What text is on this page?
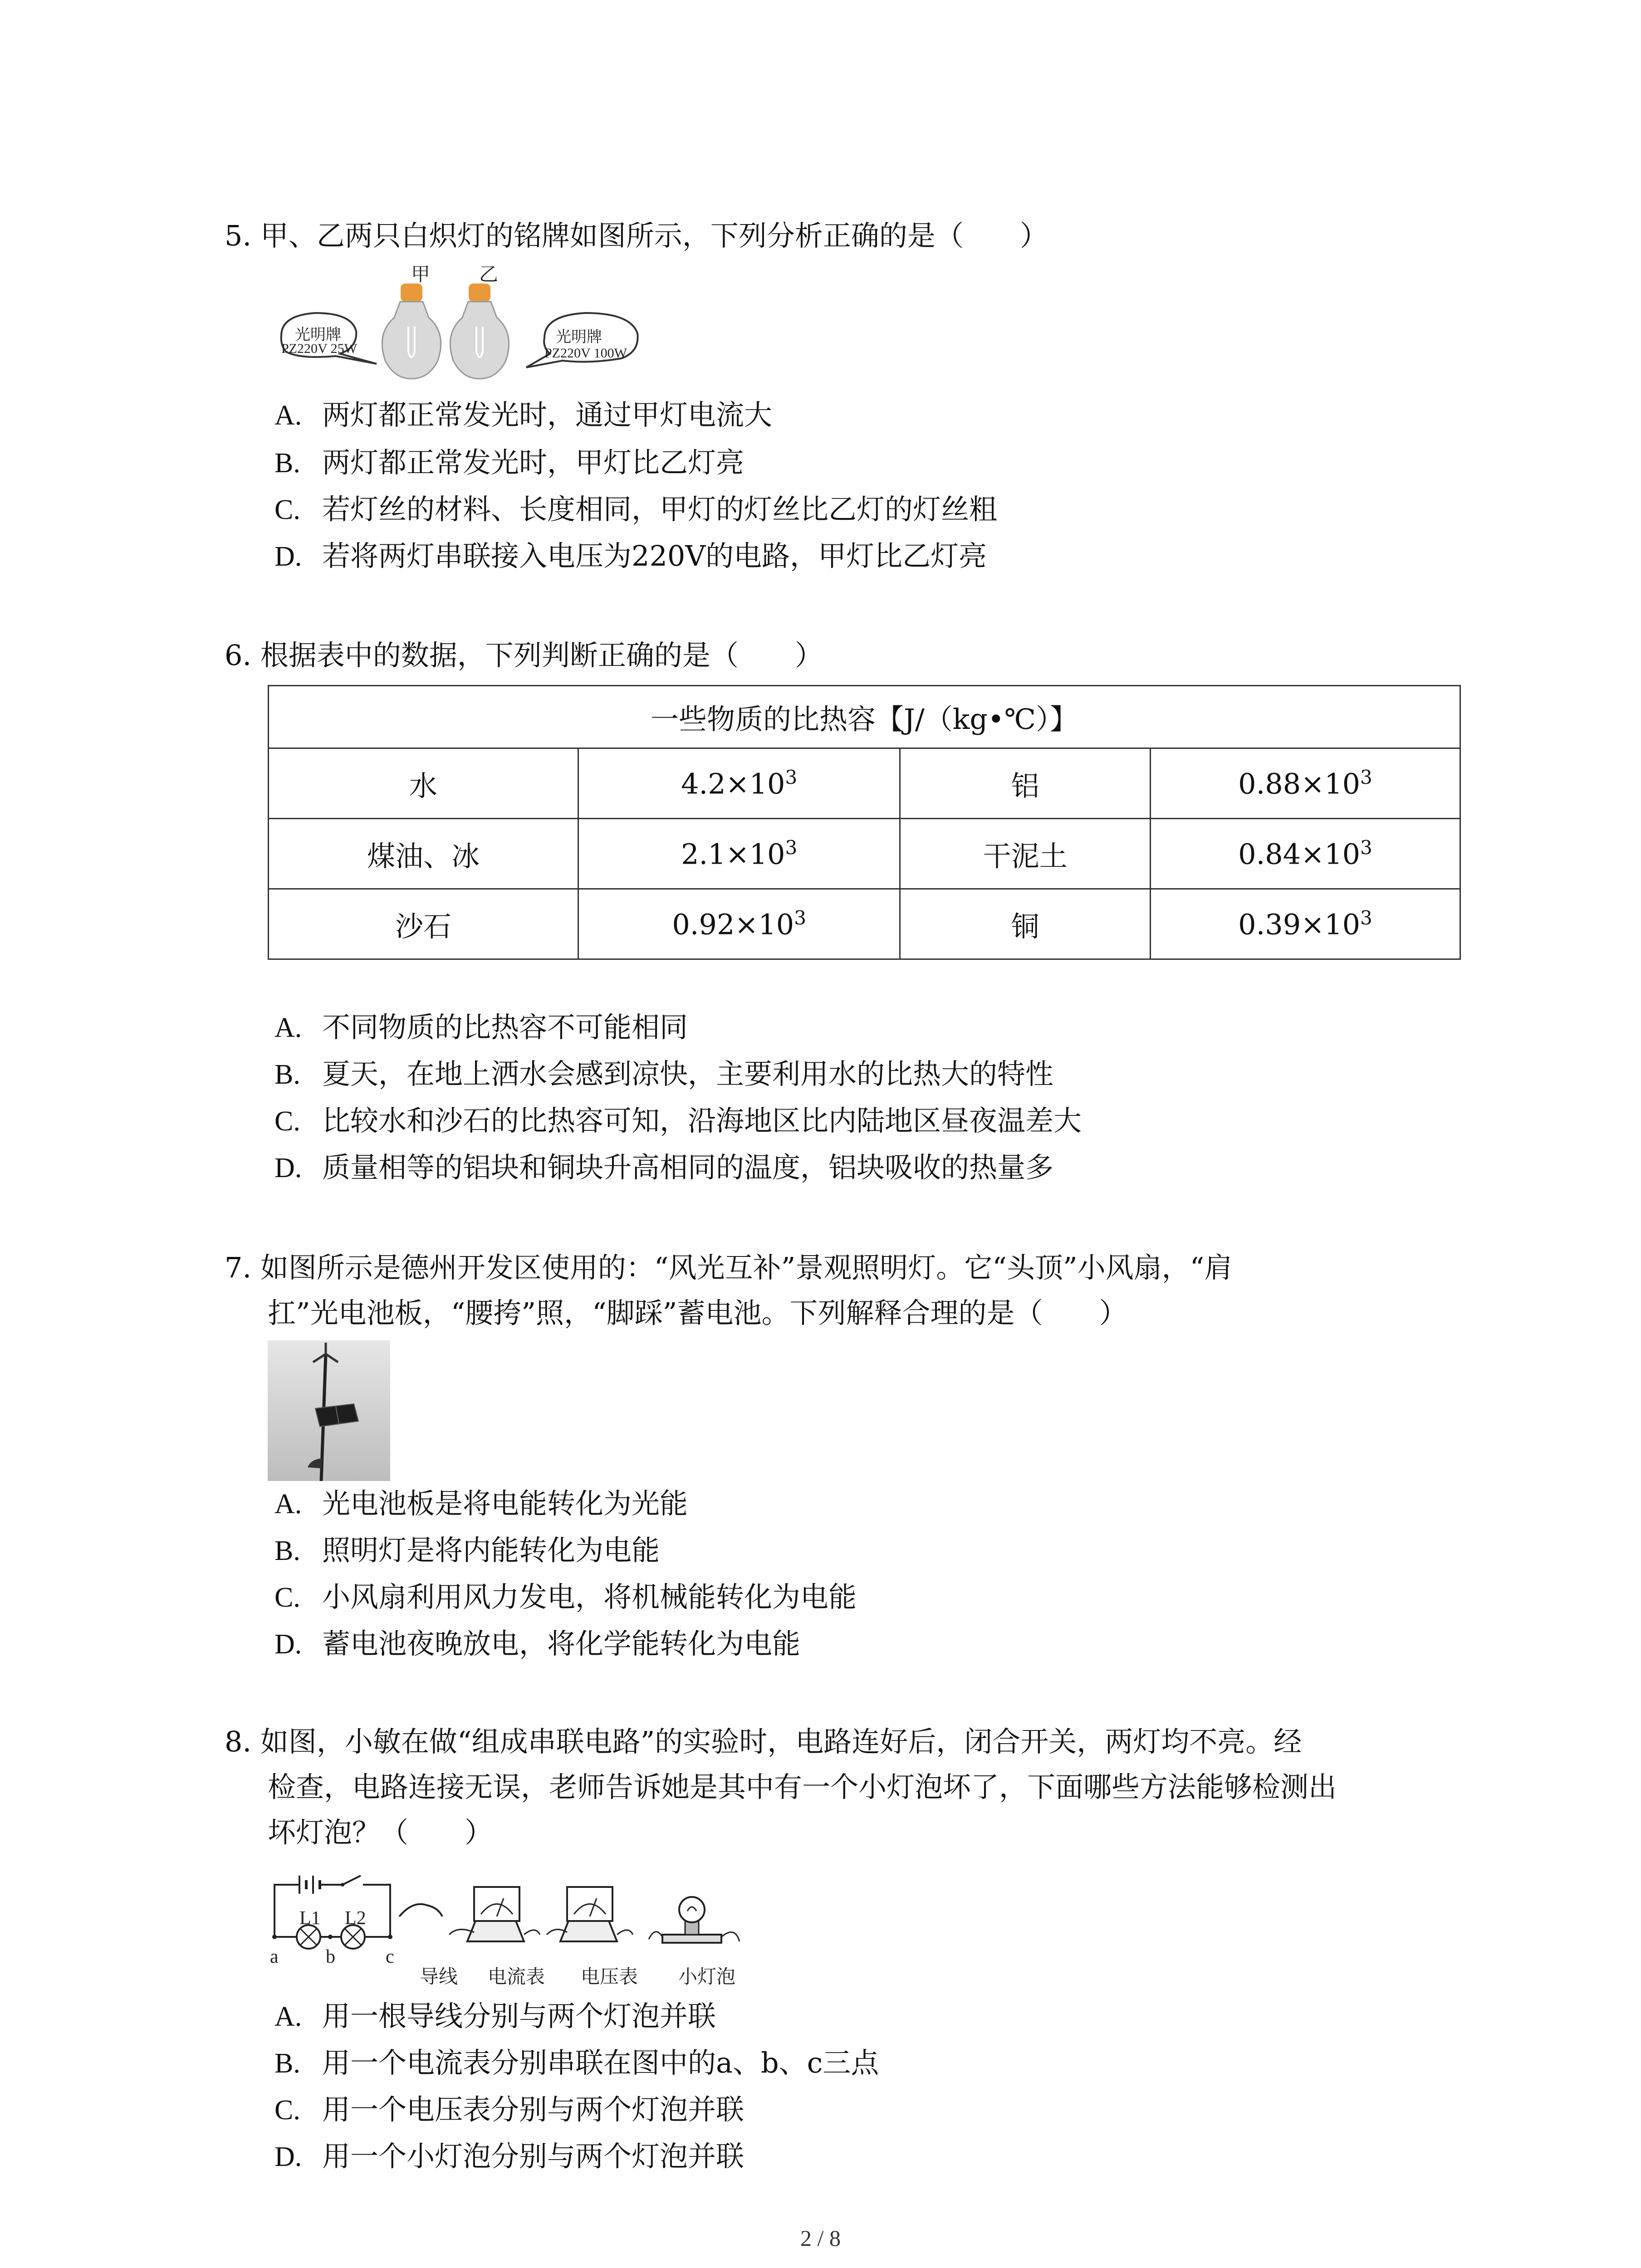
5. 甲、乙两只白炽灯的铭牌如图所示，下列分析正确的是（　　）
甲	乙
光明牌
PZ220V 25W
光明牌
PZ220V 100W
A. 两灯都正常发光时，通过甲灯电流大
B. 两灯都正常发光时，甲灯比乙灯亮
C. 若灯丝的材料、长度相同，甲灯的灯丝比乙灯的灯丝粗
D. 若将两灯串联接入电压为220V的电路，甲灯比乙灯亮
6. 根据表中的数据，下列判断正确的是（　　）
一些物质的比热容【J/（kg•℃）】			
水	$4.2\times 10^3$	铝	$0.88\times 10^3$
煤油、冰	$2.1\times 10^3$	干泥土	$0.84\times 10^3$
沙石	$0.92\times 10^3$	铜	$0.39\times 10^3$
A. 不同物质的比热容不可能相同
B. 夏天，在地上洒水会感到凉快，主要利用水的比热大的特性
C. 比较水和沙石的比热容可知，沿海地区比内陆地区昼夜温差大
D. 质量相等的铝块和铜块升高相同的温度，铝块吸收的热量多
7. 如图所示是德州开发区使用的：“风光互补”景观照明灯。它“头顶”小风扇，“肩
扛”光电池板，“腰挎”照，“脚踩”蓄电池。下列解释合理的是（　　）
A. 光电池板是将电能转化为光能
B. 照明灯是将内能转化为电能
C. 小风扇利用风力发电，将机械能转化为电能
D. 蓄电池夜晚放电，将化学能转化为电能
8. 如图，小敏在做“组成串联电路”的实验时，电路连好后，闭合开关，两灯均不亮。经
检查，电路连接无误，老师告诉她是其中有一个小灯泡坏了，下面哪些方法能够检测出
坏灯泡？（　　）
L1 L2
a b	c
导线 电流表 电压表 小灯泡
A. 用一根导线分别与两个灯泡并联
B. 用一个电流表分别串联在图中的a、b、c三点
C. 用一个电压表分别与两个灯泡并联
D. 用一个小灯泡分别与两个灯泡并联
2 / 8
